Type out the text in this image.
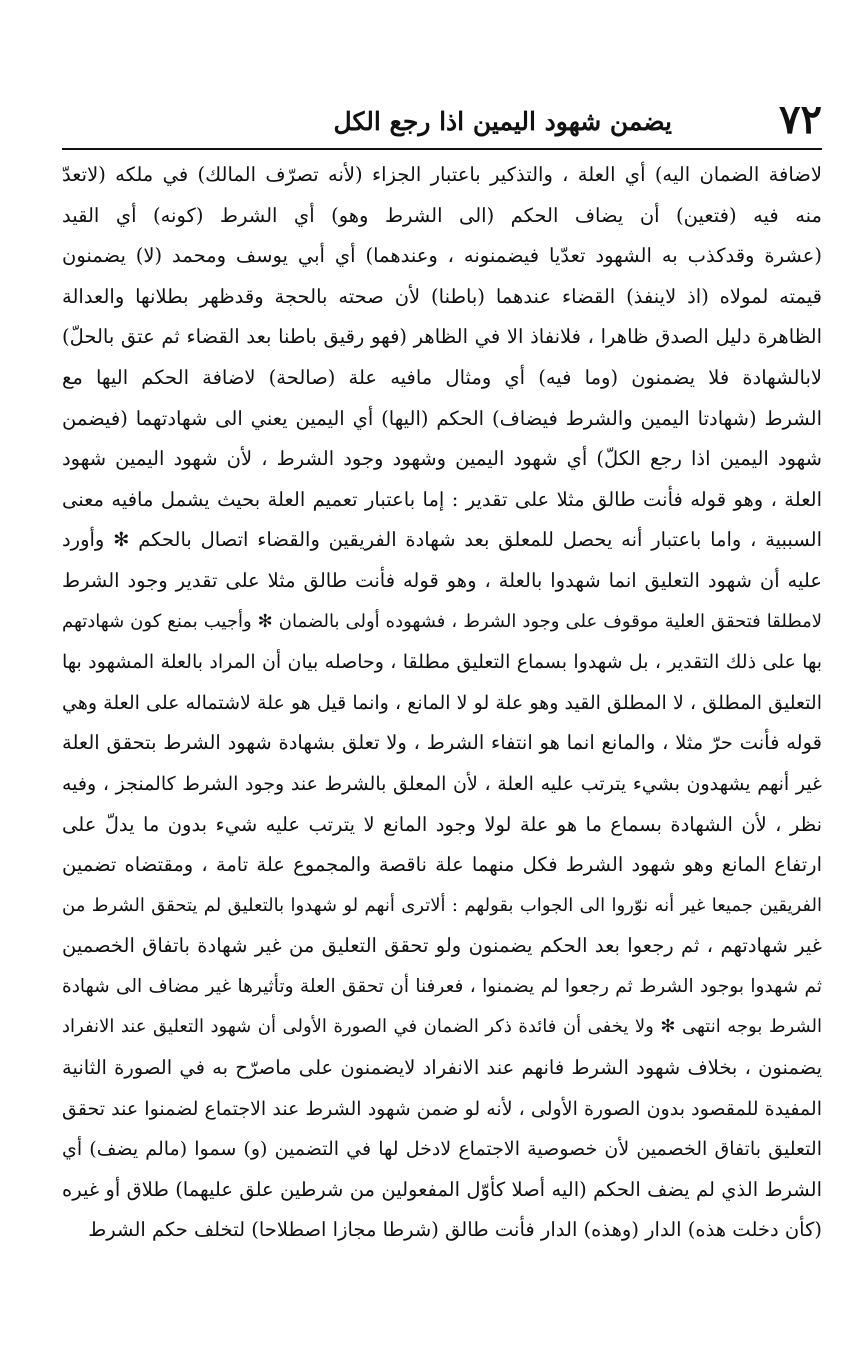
٧٢
يضمن شهود اليمين اذا رجع الكل
لاضافة الضمان اليه) أي العلة ، والتذكير باعتبار الجزاء (لأنه تصرّف المالك) في ملكه (لاتعدّ
منه فيه (فتعين) أن يضاف الحكم (الى الشرط وهو) أي الشرط (كونه) أي القيد
(عشرة وقدكذب به الشهود تعدّيا فيضمنونه ، وعندهما) أي أبي يوسف ومحمد (لا) يضمنون
قيمته لمولاه (اذ لاينفذ) القضاء عندهما (باطنا) لأن صحته بالحجة وقدظهر بطلانها والعدالة
الظاهرة دليل الصدق ظاهرا ، فلانفاذ الا في الظاهر (فهو رقيق باطنا بعد القضاء ثم عتق بالحلّ)
لابالشهادة فلا يضمنون (وما فيه) أي ومثال مافيه علة (صالحة) لاضافة الحكم اليها مع
الشرط (شهادتا اليمين والشرط فيضاف) الحكم (اليها) أي اليمين يعني الى شهادتهما (فيضمن
شهود اليمين اذا رجع الكلّ) أي شهود اليمين وشهود وجود الشرط ، لأن شهود اليمين شهود
العلة ، وهو قوله فأنت طالق مثلا على تقدير : إما باعتبار تعميم العلة بحيث يشمل مافيه معنى
السببية ، واما باعتبار أنه يحصل للمعلق بعد شهادة الفريقين والقضاء اتصال بالحكم ✻ وأورد
عليه أن شهود التعليق انما شهدوا بالعلة ، وهو قوله فأنت طالق مثلا على تقدير وجود الشرط
لامطلقا فتحقق العلية موقوف على وجود الشرط ، فشهوده أولى بالضمان ✻ وأجيب بمنع كون شهادتهم
بها على ذلك التقدير ، بل شهدوا بسماع التعليق مطلقا ، وحاصله بيان أن المراد بالعلة المشهود بها
التعليق المطلق ، لا المطلق القيد وهو علة لو لا المانع ، وانما قيل هو علة لاشتماله على العلة وهي
قوله فأنت حرّ مثلا ، والمانع انما هو انتفاء الشرط ، ولا تعلق بشهادة شهود الشرط بتحقق العلة
غير أنهم يشهدون بشيء يترتب عليه العلة ، لأن المعلق بالشرط عند وجود الشرط كالمنجز ، وفيه
نظر ، لأن الشهادة بسماع ما هو علة لولا وجود المانع لا يترتب عليه شيء بدون ما يدلّ على
ارتفاع المانع وهو شهود الشرط فكل منهما علة ناقصة والمجموع علة تامة ، ومقتضاه تضمين
الفريقين جميعا غير أنه نوّروا الى الجواب بقولهم : ألاترى أنهم لو شهدوا بالتعليق لم يتحقق الشرط من
غير شهادتهم ، ثم رجعوا بعد الحكم يضمنون ولو تحقق التعليق من غير شهادة باتفاق الخصمين
ثم شهدوا بوجود الشرط ثم رجعوا لم يضمنوا ، فعرفنا أن تحقق العلة وتأثيرها غير مضاف الى شهادة
الشرط بوجه انتهى ✻ ولا يخفى أن فائدة ذكر الضمان في الصورة الأولى أن شهود التعليق عند الانفراد
يضمنون ، بخلاف شهود الشرط فانهم عند الانفراد لايضمنون على ماصرّح به في الصورة الثانية
المفيدة للمقصود بدون الصورة الأولى ، لأنه لو ضمن شهود الشرط عند الاجتماع لضمنوا عند تحقق
التعليق باتفاق الخصمين لأن خصوصية الاجتماع لادخل لها في التضمين (و) سموا (مالم يضف) أي
الشرط الذي لم يضف الحكم (اليه أصلا كأوّل المفعولين من شرطين علق عليهما) طلاق أو غيره
(كأن دخلت هذه) الدار (وهذه) الدار فأنت طالق (شرطا مجازا اصطلاحا) لتخلف حكم الشرط
